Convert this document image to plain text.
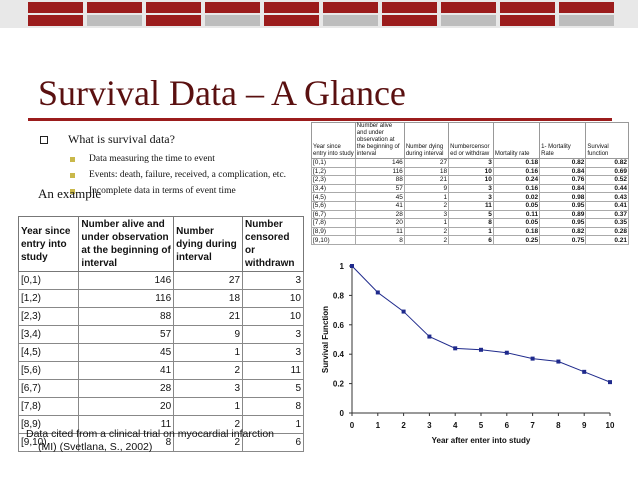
Survival Data – A Glance
What is survival data?
Data measuring the time to event
Events: death, failure, received, a complication, etc.
Incomplete data in terms of event time
An example
Year since entry into study	Number alive and under observation at the beginning of interval	Number dying during interval	Number censored or withdrawn
[0,1)	146	27	3
[1,2)	116	18	10
[2,3)	88	21	10
[3,4)	57	9	3
[4,5)	45	1	3
[5,6)	41	2	11
[6,7)	28	3	5
[7,8)	20	1	8
[8,9)	11	2	1
[9,10)	8	2	6
Year since entry into study	Number alive and under observation at the beginning of interval	Number dying during interval	Numbercensor ed or withdraw	Mortality rate	1- Mortality Rate	Survival function
[0,1)	146	27	3	0.18	0.82	0.82
[1,2)	116	18	10	0.16	0.84	0.69
[2,3)	88	21	10	0.24	0.76	0.52
[3,4)	57	9	3	0.16	0.84	0.44
[4,5)	45	1	3	0.02	0.98	0.43
[5,6)	41	2	11	0.05	0.95	0.41
[6,7)	28	3	5	0.11	0.89	0.37
[7,8)	20	1	8	0.05	0.95	0.35
[8,9)	11	2	1	0.18	0.82	0.28
[9,10)	8	2	6	0.25	0.75	0.21
0
0.2
0.4
0.6
0.8
1
0	1	2	3	4	5	6	7	8	9 10
Survival Function
Year after enter into study
Data cited from a clinical trial on myocardial infarction
(MI) (Svetlana, S., 2002)
